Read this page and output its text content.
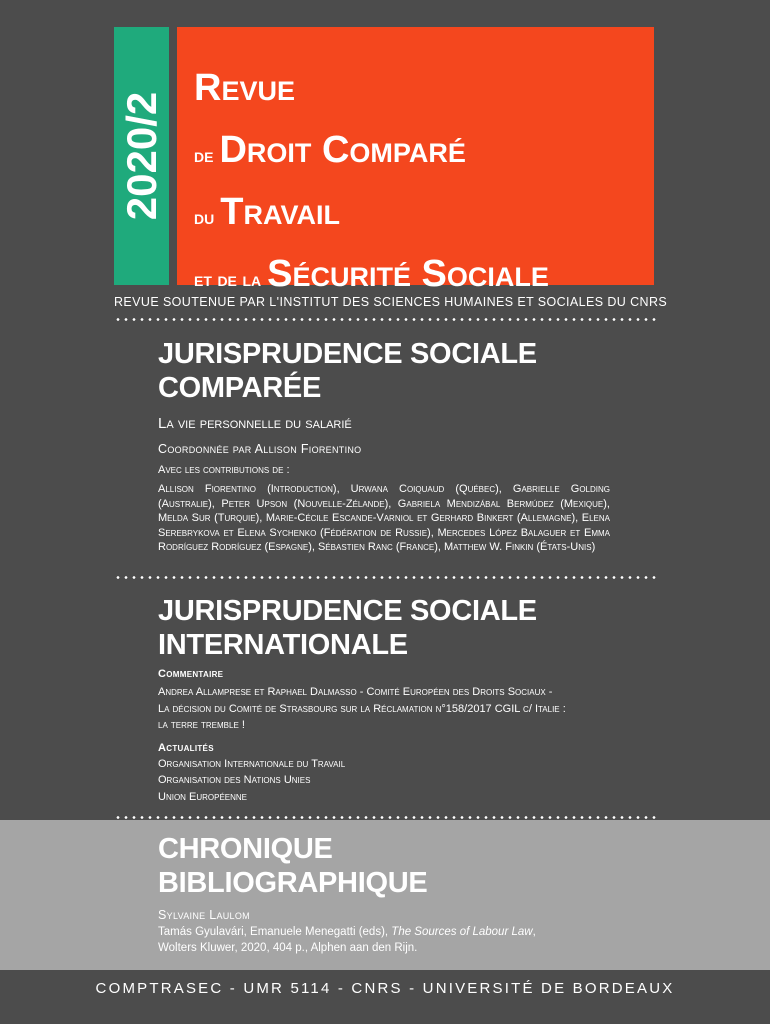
2020/2
Revue
de Droit Comparé
du Travail
et de la Sécurité Sociale
REVUE SOUTENUE PAR L'INSTITUT DES SCIENCES HUMAINES ET SOCIALES DU CNRS
JURISPRUDENCE SOCIALE
COMPARÉE
La vie personnelle du salarié
Coordonnée par Allison Fiorentino
Avec les contributions de :
Allison Fiorentino (Introduction), Urwana Coiquaud (Québec), Gabrielle Golding (Australie), Peter Upson (Nouvelle-Zélande), Gabriela Mendizábal Bermúdez (Mexique), Melda Sur (Turquie), Marie-Cécile Escande-Varniol et Gerhard Binkert (Allemagne), Elena Serebrykova et Elena Sychenko (Fédération de Russie), Mercedes López Balaguer et Emma Rodríguez Rodríguez (Espagne), Sébastien Ranc (France), Matthew W. Finkin (États-Unis)
JURISPRUDENCE SOCIALE
INTERNATIONALE
Commentaire
Andrea Allamprese et Raphael Dalmasso - Comité Européen des Droits Sociaux -
La décision du Comité de Strasbourg sur la Réclamation n°158/2017 CGIL c/ Italie :
la terre tremble !
Actualités
Organisation Internationale du Travail
Organisation des Nations Unies
Union Européenne
CHRONIQUE
BIBLIOGRAPHIQUE
Sylvaine Laulom
Tamás Gyulavári, Emanuele Menegatti (eds), The Sources of Labour Law,
Wolters Kluwer, 2020, 404 p., Alphen aan den Rijn.
COMPTRASEC - UMR 5114 - CNRS - UNIVERSITÉ DE BORDEAUX
